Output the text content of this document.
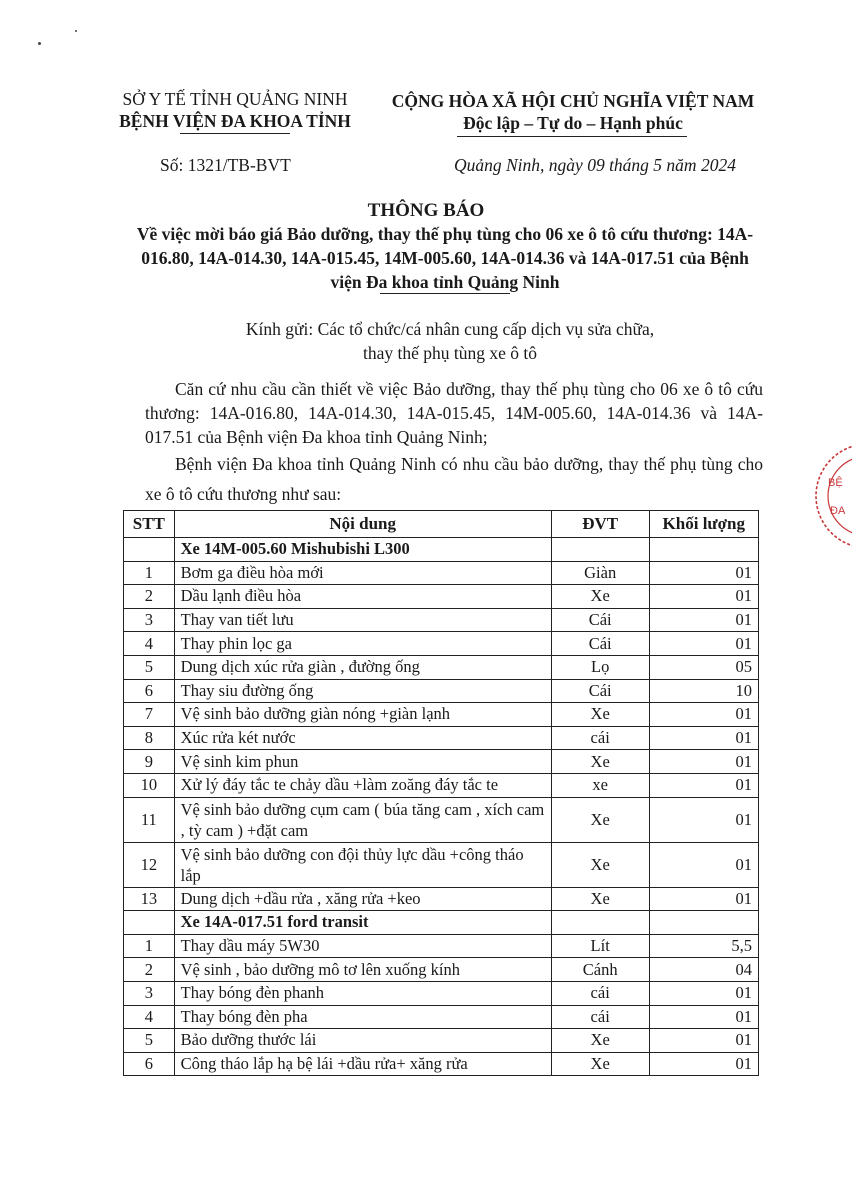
SỞ Y TẾ TỈNH QUẢNG NINH
BỆNH VIỆN ĐA KHOA TỈNH
CỘNG HÒA XÃ HỘI CHỦ NGHĨA VIỆT NAM
Độc lập – Tự do – Hạnh phúc
Số: 1321/TB-BVT	Quảng Ninh, ngày 09 tháng 5 năm 2024
THÔNG BÁO
Về việc mời báo giá Bảo dưỡng, thay thế phụ tùng cho 06 xe ô tô cứu thương: 14A-016.80, 14A-014.30, 14A-015.45, 14M-005.60, 14A-014.36 và 14A-017.51 của Bệnh viện Đa khoa tỉnh Quảng Ninh
Kính gửi: Các tổ chức/cá nhân cung cấp dịch vụ sửa chữa,
thay thế phụ tùng xe ô tô
Căn cứ nhu cầu cần thiết về việc Bảo dưỡng, thay thế phụ tùng cho 06 xe ô tô cứu thương: 14A-016.80, 14A-014.30, 14A-015.45, 14M-005.60, 14A-014.36 và 14A-017.51 của Bệnh viện Đa khoa tỉnh Quảng Ninh;
Bệnh viện Đa khoa tỉnh Quảng Ninh có nhu cầu bảo dưỡng, thay thế phụ tùng cho xe ô tô cứu thương như sau:
STT	Nội dung	ĐVT	Khối lượng
	Xe 14M-005.60 Mishubishi L300		
1	Bơm ga điều hòa mới	Giàn	01
2	Dầu lạnh điều hòa	Xe	01
3	Thay van tiết lưu	Cái	01
4	Thay phin lọc ga	Cái	01
5	Dung dịch xúc rửa giàn , đường ống	Lọ	05
6	Thay siu đường ống	Cái	10
7	Vệ sinh bảo dưỡng giàn nóng +giàn lạnh	Xe	01
8	Xúc rửa két nước	cái	01
9	Vệ sinh kim phun	Xe	01
10	Xử lý đáy tắc te chảy dầu +làm zoăng đáy tắc te	xe	01
11	Vệ sinh bảo dưỡng cụm cam ( búa tăng cam , xích cam , tỳ cam ) +đặt cam	Xe	01
12	Vệ sinh bảo dưỡng con đội thủy lực dầu +công tháo lắp	Xe	01
13	Dung dịch +dầu rửa , xăng rửa +keo	Xe	01
	Xe 14A-017.51 ford transit		
1	Thay dầu máy 5W30	Lít	5,5
2	Vệ sinh , bảo dưỡng mô tơ lên xuống kính	Cánh	04
3	Thay bóng đèn phanh	cái	01
4	Thay bóng đèn pha	cái	01
5	Bảo dưỡng thước lái	Xe	01
6	Công tháo lắp hạ bệ lái +dầu rửa+ xăng rửa	Xe	01
BỆ
ĐA
